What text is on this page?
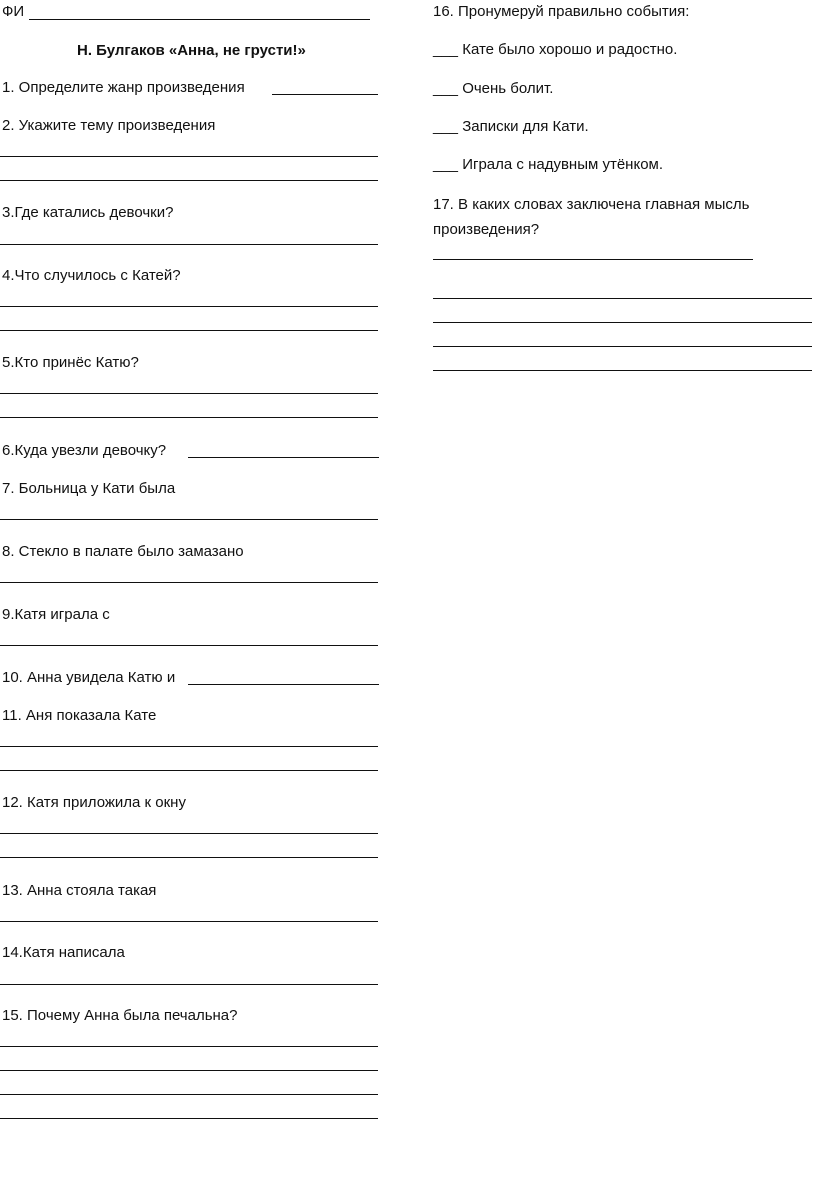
ФИ
Н. Булгаков «Анна, не грусти!»
1. Определите жанр произведения
2. Укажите тему произведения
3.Где катались девочки?
4.Что случилось с Катей?
5.Кто принёс Катю?
6.Куда увезли девочку?
7. Больница у Кати была
8. Стекло в палате было замазано
9.Катя играла с
10. Анна увидела Катю и
11. Аня показала Кате
12. Катя приложила к окну
13. Анна стояла такая
14.Катя написала
15. Почему Анна была печальна?
16. Пронумеруй правильно события:
___ Кате было хорошо и радостно.
___ Очень болит.
___ Записки для Кати.
___ Играла с надувным утёнком.
17. В каких словах заключена главная мысль
произведения?
